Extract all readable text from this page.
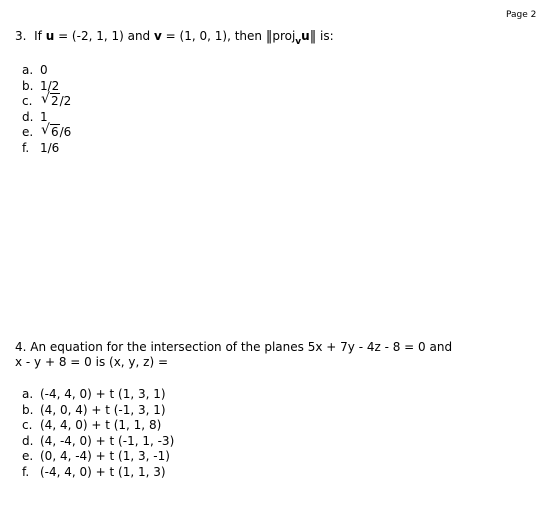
Page 2
3. If u = (-2, 1, 1) and v = (1, 0, 1), then ‖proj$_v$u‖ is:
a. 0
b. 1/2
c. √ 2/2
d. 1
e. √ 6/6
f. 1/6
4. An equation for the intersection of the planes 5x + 7y - 4z - 8 = 0 and
x - y + 8 = 0 is (x, y, z) =
a. (-4, 4, 0) + t (1, 3, 1)
b. (4, 0, 4) + t (-1, 3, 1)
c. (4, 4, 0) + t (1, 1, 8)
d. (4, -4, 0) + t (-1, 1, -3)
e. (0, 4, -4) + t (1, 3, -1)
f. (-4, 4, 0) + t (1, 1, 3)
